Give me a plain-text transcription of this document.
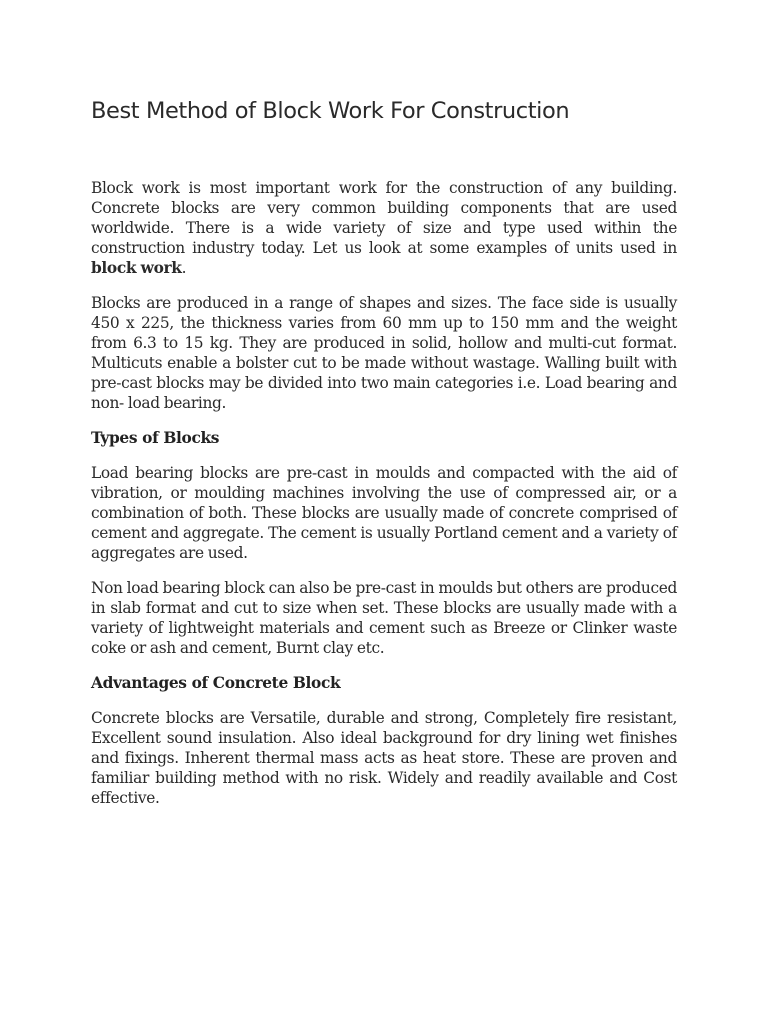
Best Method of Block Work For Construction

Block work is most important work for the construction of any building. Concrete blocks are very common building components that are used worldwide. There is a wide variety of size and type used within the construction industry today. Let us look at some examples of units used in block work.

Blocks are produced in a range of shapes and sizes. The face side is usually 450 x 225, the thickness varies from 60 mm up to 150 mm and the weight from 6.3 to 15 kg. They are produced in solid, hollow and multi-cut format. Multicuts enable a bolster cut to be made without wastage. Walling built with pre-cast blocks may be divided into two main categories i.e. Load bearing and non- load bearing.

Types of Blocks

Load bearing blocks are pre-cast in moulds and compacted with the aid of vibration, or moulding machines involving the use of compressed air, or a combination of both. These blocks are usually made of concrete comprised of cement and aggregate. The cement is usually Portland cement and a variety of aggregates are used.

Non load bearing block can also be pre-cast in moulds but others are produced in slab format and cut to size when set. These blocks are usually made with a variety of lightweight materials and cement such as Breeze or Clinker waste coke or ash and cement, Burnt clay etc.

Advantages of Concrete Block

Concrete blocks are Versatile, durable and strong, Completely fire resistant, Excellent sound insulation. Also ideal background for dry lining wet finishes and fixings. Inherent thermal mass acts as heat store. These are proven and familiar building method with no risk. Widely and readily available and Cost effective.
